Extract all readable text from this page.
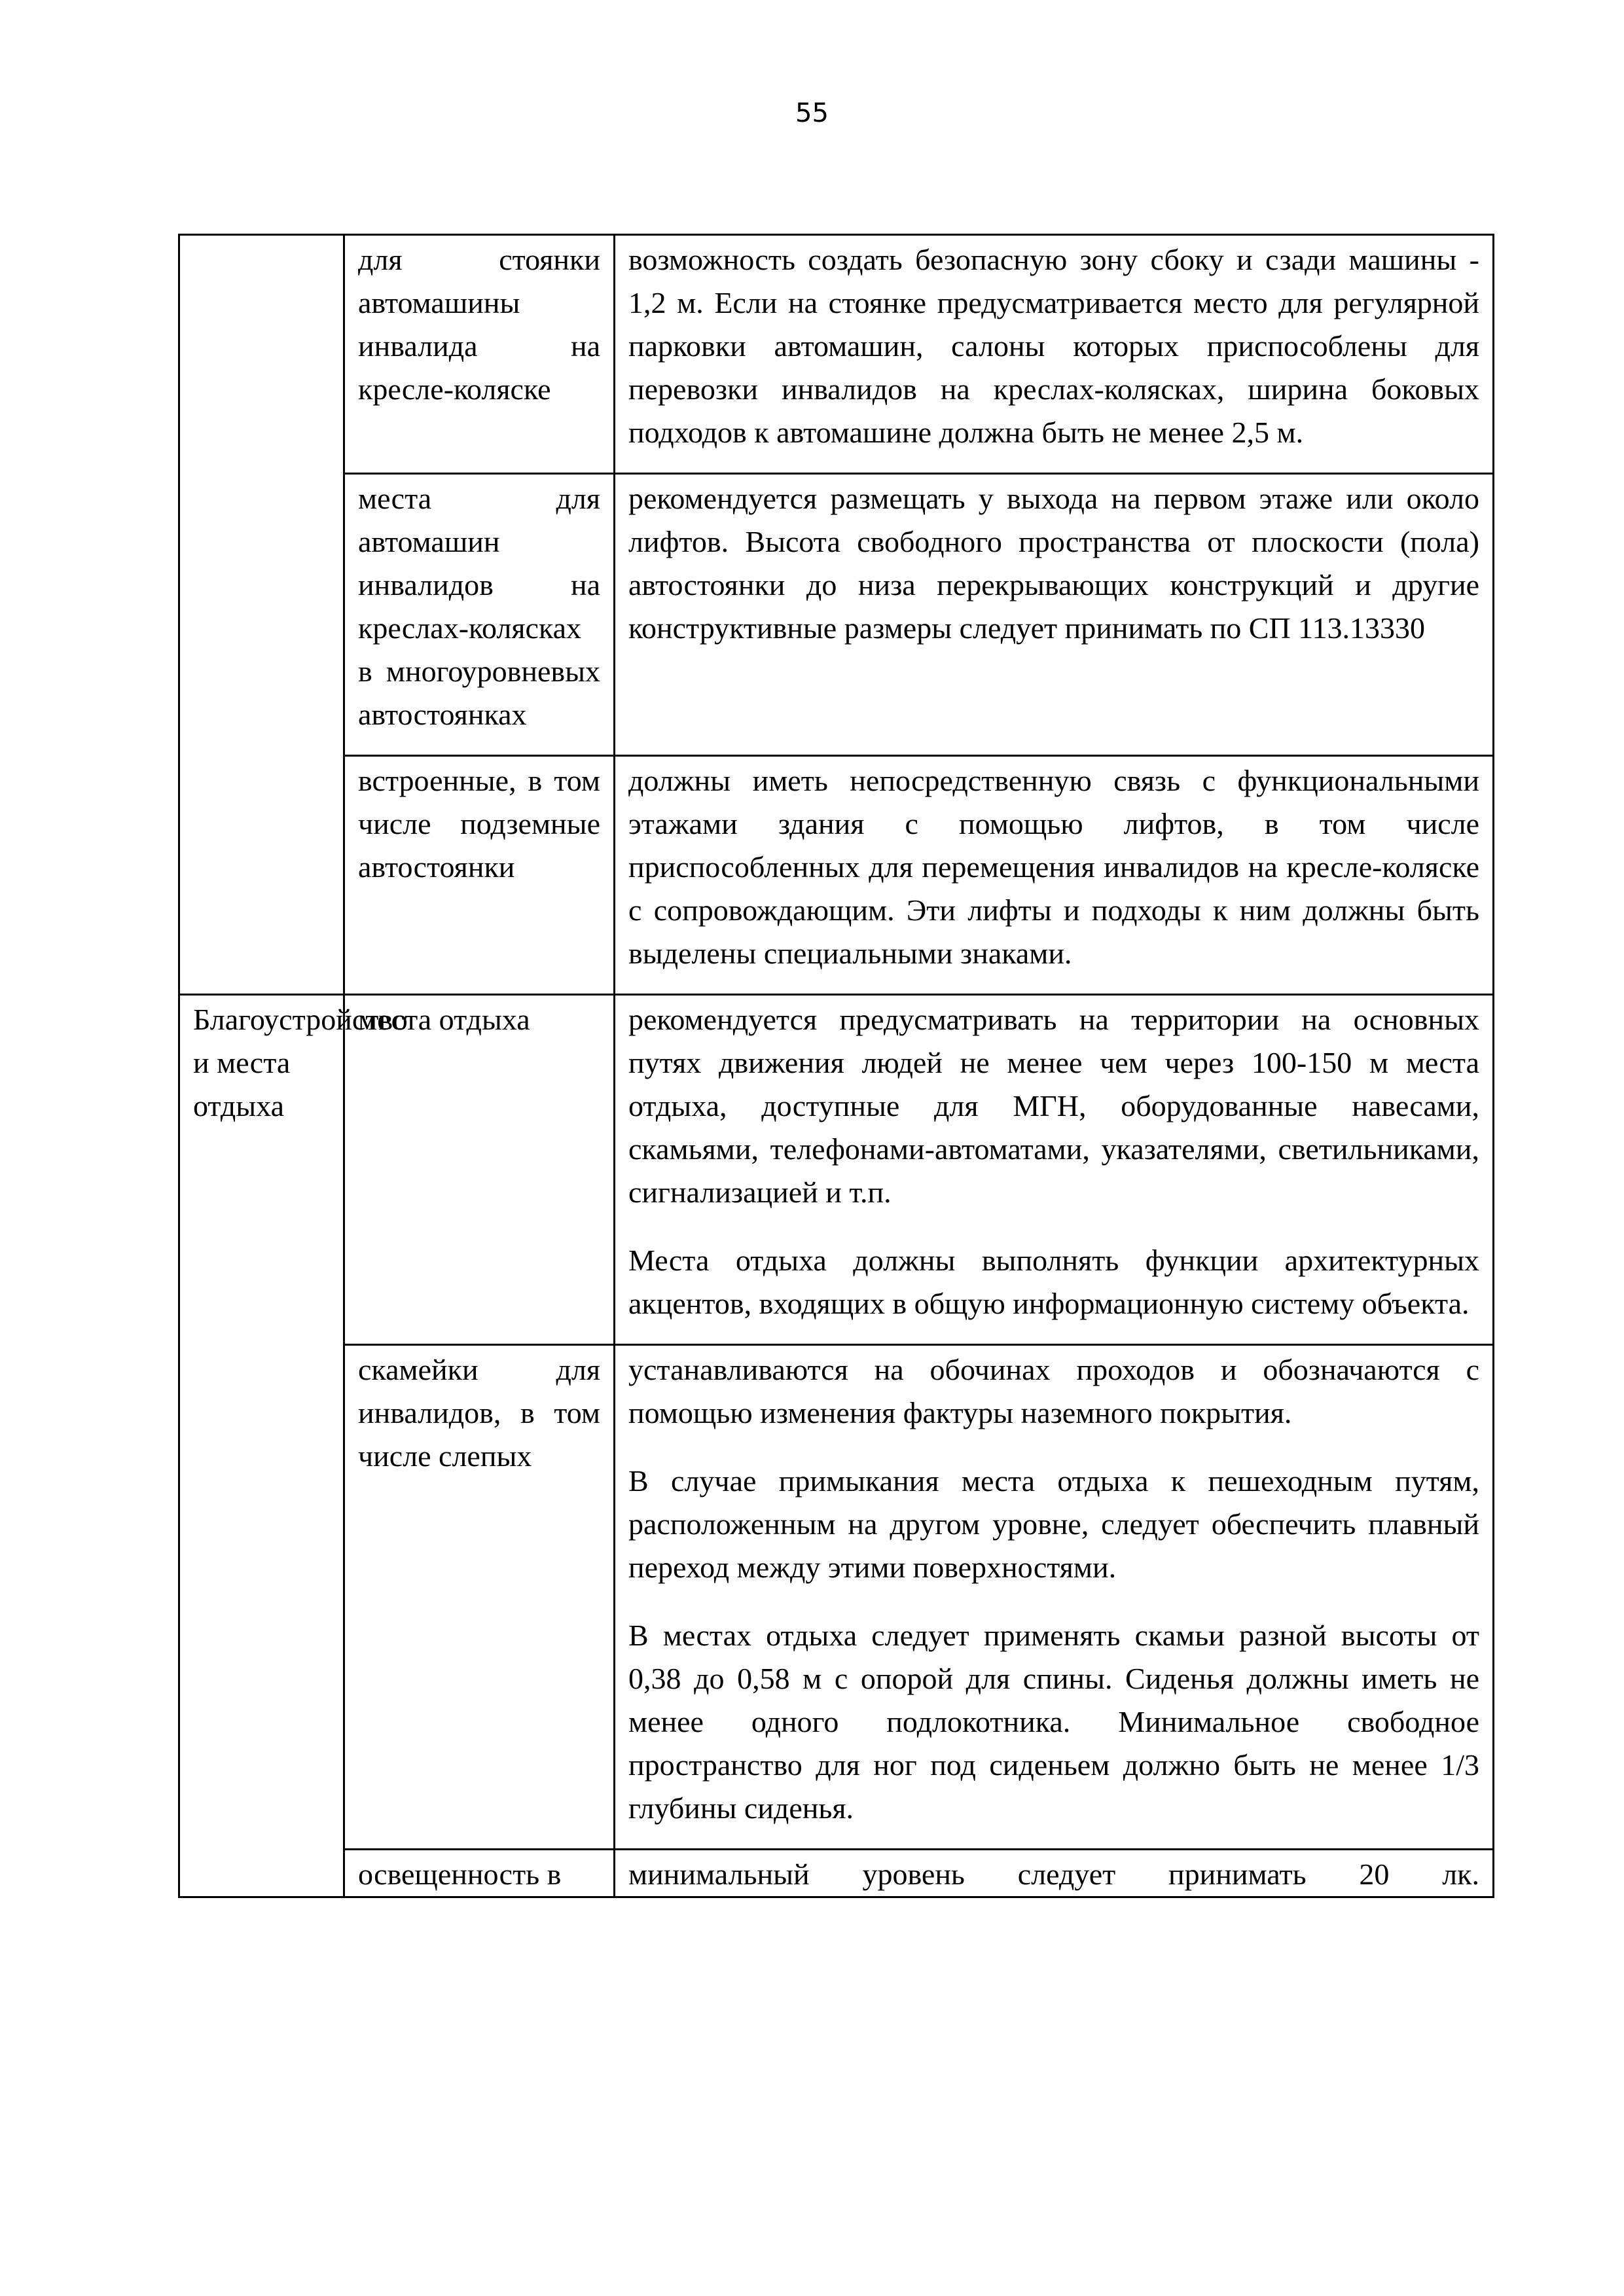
55
	для стоянки автомашины инвалида на кресле-коляске	возможность создать безопасную зону сбоку и сзади машины - 1,2 м. Если на стоянке предусматривается место для регулярной парковки автомашин, салоны которых приспособлены для перевозки инвалидов на креслах-колясках, ширина боковых подходов к автомашине должна быть не менее 2,5 м.

	места для автомашин инвалидов на креслах-колясках в многоуровневых автостоянках	рекомендуется размещать у выхода на первом этаже или около лифтов. Высота свободного пространства от плоскости (пола) автостоянки до низа перекрывающих конструкций и другие конструктивные размеры следует принимать по СП 113.13330

	встроенные, в том числе подземные автостоянки	должны иметь непосредственную связь с функциональными этажами здания с помощью лифтов, в том числе приспособленных для перемещения инвалидов на кресле-коляске с сопровождающим. Эти лифты и подходы к ним должны быть выделены специальными знаками.

Благоустройство и места отдыха	места отдыха	рекомендуется предусматривать на территории на основных путях движения людей не менее чем через 100-150 м места отдыха, доступные для МГН, оборудованные навесами, скамьями, телефонами-автоматами, указателями, светильниками, сигнализацией и т.п.

Места отдыха должны выполнять функции архитектурных акцентов, входящих в общую информационную систему объекта.

	скамейки для инвалидов, в том числе слепых	устанавливаются на обочинах проходов и обозначаются с помощью изменения фактуры наземного покрытия.

В случае примыкания места отдыха к пешеходным путям, расположенным на другом уровне, следует обеспечить плавный переход между этими поверхностями.

В местах отдыха следует применять скамьи разной высоты от 0,38 до 0,58 м с опорой для спины. Сиденья должны иметь не менее одного подлокотника. Минимальное свободное пространство для ног под сиденьем должно быть не менее 1/3 глубины сиденья.

	освещенность в	минимальный уровень следует принимать 20 лк.
